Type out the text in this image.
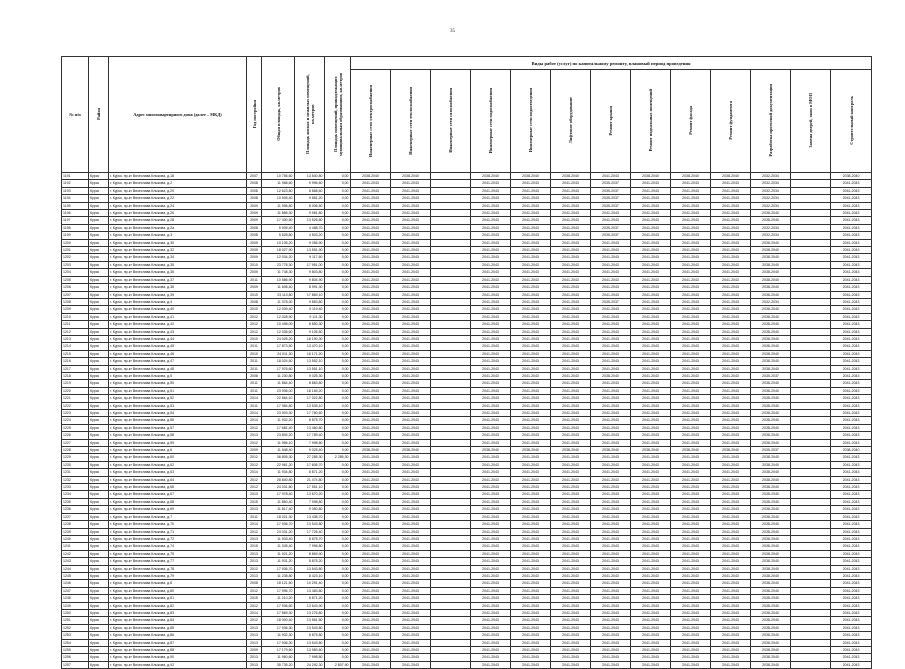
35
№ п/п	Район	Адрес многоквартирного дома (далее – МКД)	Год постройки	Общая площадь, кв.метров	Площадь жилых и нежилых помещений, кв.метров	Площадь помещений, принадлежащих муниципальным образованиям, кв.метров	Виды работ (услуг) по капитальному ремонту, плановый период проведения												
							Инженерные сети электроснабжения	Инженерные сети теплоснабжения	Инженерные сети газоснабжения	Инженерные сети водоснабжения	Инженерные сети водоотведения	Лифтовое оборудование	Ремонт крыши	Ремонт подвальных помещений	Ремонт фасада	Ремонт фундамента	Разработка проектной документации	Замена дверей, окон в МОП	Строительный контроль
1191	Курск	г. Курск, пр-кт Вячеслава Клыкова, д.18	2007	10 756,60	13 540,80	0,00	2038-2040	2038-2040		2038-2040	2038-2040	2038-2040	2041-2043	2038-2040	2038-2040	2038-2040	2032-2034		2038-2040
1192	Курск	г. Курск, пр-кт Вячеслава Клыкова, д.2	2008	11 968,60	9 996,60	0,00	2041-2043	2041-2043		2041-2043	2041-2043	2041-2043	2035-2037	2041-2043	2041-2043	2041-2043	2032-2034		2041-2043
1193	Курск	г. Курск, пр-кт Вячеслава Клыкова, д.20	2008	12 623,80	8 868,60	0,00	2041-2043	2041-2043		2041-2043	2041-2043	2041-2043	2035-2037	2041-2043	2041-2043	2041-2043	2032-2034		2041-2043
1194	Курск	г. Курск, пр-кт Вячеслава Клыкова, д.22	2008	10 505,40	9 861,20	0,00	2041-2043	2041-2043		2041-2043	2041-2043	2041-2043	2035-2037	2041-2043	2041-2043	2041-2043	2032-2034		2041-2043
1195	Курск	г. Курск, пр-кт Вячеслава Клыкова, д.24	2009	11 996,80	8 006,50	0,00	2041-2043	2041-2043		2041-2043	2041-2043	2041-2043	2035-2037	2041-2043	2041-2043	2041-2043	2032-2034		2041-2043
1196	Курск	г. Курск, пр-кт Вячеслава Клыкова, д.26	2009	11 856,30	9 961,80	0,00	2041-2043	2041-2043		2041-2043	2041-2043	2041-2043	2041-2043	2041-2043	2041-2043	2041-2043	2038-2040		2041-2043
1197	Курск	г. Курск, пр-кт Вячеслава Клыкова, д.28	2009	17 430,50	13 526,60	0,00	2041-2043	2041-2043		2041-2043	2041-2043	2041-2043	2041-2043	2041-2043	2041-2043	2041-2043	2038-2040		2041-2043
1198	Курск	г. Курск, пр-кт Вячеслава Клыкова, д.2а	2008	5 905,40	4 488,70	0,00	2041-2043	2041-2043		2041-2043	2041-2043	2041-2043	2035-2037	2041-2043	2041-2043	2041-2043	2032-2034		2041-2043
1199	Курск	г. Курск, пр-кт Вячеслава Клыкова, д.3	2008	5 628,80	4 503,20	0,00	2041-2043	2041-2043		2041-2043	2041-2043	2041-2043	2035-2037	2041-2043	2041-2043	2041-2043	2032-2034		2041-2043
1200	Курск	г. Курск, пр-кт Вячеслава Клыкова, д.30	2009	10 105,20	9 056,90	0,00	2041-2043	2041-2043		2041-2043	2041-2043	2041-2043	2041-2043	2041-2043	2041-2043	2041-2043	2038-2040		2041-2043
1201	Курск	г. Курск, пр-кт Вячеслава Клыкова, д.32	2009	18 027,90	13 551,90	0,00	2041-2043	2041-2043		2041-2043	2041-2043	2041-2043	2041-2043	2041-2043	2041-2043	2041-2043	2038-2040		2041-2043
1202	Курск	г. Курск, пр-кт Вячеслава Клыкова, д.34	2009	12 034,20	9 117,60	0,00	2041-2043	2041-2043		2041-2043	2041-2043	2041-2043	2041-2043	2041-2043	2041-2043	2041-2043	2038-2040		2041-2043
1203	Курск	г. Курск, пр-кт Вячеслава Клыкова, д.35	2010	23 778,30	17 951,00	0,00	2041-2043	2041-2043		2041-2043	2041-2043	2041-2043	2041-2043	2041-2043	2041-2043	2041-2043	2038-2040		2041-2043
1204	Курск	г. Курск, пр-кт Вячеслава Клыкова, д.36	2009	11 748,30	9 803,80	0,00	2041-2043	2041-2043		2041-2043	2041-2043	2041-2043	2041-2043	2041-2043	2041-2043	2041-2043	2038-2040		2041-2043
1205	Курск	г. Курск, пр-кт Вячеслава Клыкова, д.37	2011	10 586,90	9 804,90	0,00	2041-2043	2041-2043		2041-2043	2041-2043	2041-2043	2041-2043	2041-2043	2041-2043	2041-2043	2038-2040		2041-2043
1206	Курск	г. Курск, пр-кт Вячеслава Клыкова, д.38	2009	11 608,40	8 991,30	0,00	2041-2043	2041-2043		2041-2043	2041-2043	2041-2043	2041-2043	2041-2043	2041-2043	2041-2043	2038-2040		2041-2043
1207	Курск	г. Курск, пр-кт Вячеслава Клыкова, д.39	2010	23 113,80	17 869,10	0,00	2041-2043	2041-2043		2041-2043	2041-2043	2041-2043	2041-2043	2041-2043	2041-2043	2041-2043	2038-2040		2041-2043
1208	Курск	г. Курск, пр-кт Вячеслава Клыкова, д.4	2008	11 378,30	9 853,80	0,00	2041-2043	2041-2043		2041-2043	2041-2043	2041-2043	2035-2037	2041-2043	2041-2043	2041-2043	2032-2034		2041-2043
1209	Курск	г. Курск, пр-кт Вячеслава Клыкова, д.40	2010	12 039,40	9 119,40	0,00	2041-2043	2041-2043		2041-2043	2041-2043	2041-2043	2041-2043	2041-2043	2041-2043	2041-2043	2038-2040		2041-2043
1210	Курск	г. Курск, пр-кт Вячеслава Клыкова, д.41	2012	12 028,90	9 111,30	0,00	2041-2043	2041-2043		2041-2043	2041-2043	2041-2043	2041-2043	2041-2043	2041-2043	2041-2043	2038-2040		2041-2043
1211	Курск	г. Курск, пр-кт Вячеслава Клыкова, д.42	2012	10 498,00	8 850,30	0,00	2041-2043	2041-2043		2041-2043	2041-2043	2041-2043	2041-2043	2041-2043	2041-2043	2041-2043	2038-2040		2041-2043
1212	Курск	г. Курск, пр-кт Вячеслава Клыкова, д.43	2012	12 035,60	9 105,50	0,00	2041-2043	2041-2043		2041-2043	2041-2043	2041-2043	2041-2043	2041-2043	2041-2043	2041-2043	2038-2040		2041-2043
1213	Курск	г. Курск, пр-кт Вячеслава Клыкова, д.44	2010	24 025,20	18 190,30	0,00	2041-2043	2041-2043		2041-2043	2041-2043	2041-2043	2041-2043	2041-2043	2041-2043	2041-2043	2038-2040		2041-2043
1214	Курск	г. Курск, пр-кт Вячеслава Клыкова, д.45	2011	17 873,50	13 470,10	0,00	2041-2043	2041-2043		2041-2043	2041-2043	2041-2043	2041-2043	2041-2043	2041-2043	2041-2043	2038-2040		2041-2043
1215	Курск	г. Курск, пр-кт Вячеслава Клыкова, д.46	2010	24 011,30	18 171,20	0,00	2041-2043	2041-2043		2041-2043	2041-2043	2041-2043	2041-2043	2041-2043	2041-2043	2041-2043	2038-2040		2041-2043
1216	Курск	г. Курск, пр-кт Вячеслава Клыкова, д.47	2011	18 024,50	13 552,10	0,00	2041-2043	2041-2043		2041-2043	2041-2043	2041-2043	2041-2043	2041-2043	2041-2043	2041-2043	2038-2040		2041-2043
1217	Курск	г. Курск, пр-кт Вячеслава Клыкова, д.48	2011	17 976,60	13 551,10	0,00	2041-2043	2041-2043		2041-2043	2041-2043	2041-2043	2041-2043	2041-2043	2041-2043	2041-2043	2038-2040		2041-2043
1218	Курск	г. Курск, пр-кт Вячеслава Клыкова, д.5	2008	11 230,80	9 025,30	0,00	2041-2043	2041-2043		2041-2043	2041-2043	2041-2043	2038-2040	2041-2043	2041-2043	2041-2043	2035-2037		2041-2043
1219	Курск	г. Курск, пр-кт Вячеслава Клыкова, д.50	2011	11 864,40	8 863,80	0,00	2041-2043	2041-2043		2041-2043	2041-2043	2041-2043	2041-2043	2041-2043	2041-2043	2041-2043	2038-2040		2041-2043
1220	Курск	г. Курск, пр-кт Вячеслава Клыкова, д.51	2011	23 936,00	18 169,20	0,00	2041-2043	2041-2043		2041-2043	2041-2043	2041-2043	2041-2043	2041-2043	2041-2043	2041-2043	2038-2040		2041-2043
1221	Курск	г. Курск, пр-кт Вячеслава Клыкова, д.52	2014	22 864,10	17 022,80	0,00	2041-2043	2041-2043		2041-2043	2041-2043	2041-2043	2041-2043	2041-2043	2041-2043	2041-2043	2038-2040		2041-2043
1222	Курск	г. Курск, пр-кт Вячеслава Клыкова, д.53	2011	17 984,80	13 535,10	0,00	2041-2043	2041-2043		2041-2043	2041-2043	2041-2043	2041-2043	2041-2043	2041-2043	2041-2043	2038-2040		2041-2043
1223	Курск	г. Курск, пр-кт Вячеслава Клыкова, д.54	2014	23 903,30	17 760,60	0,00	2041-2043	2041-2043		2041-2043	2041-2043	2041-2043	2041-2043	2041-2043	2041-2043	2041-2043	2038-2040		2041-2043
1224	Курск	г. Курск, пр-кт Вячеслава Клыкова, д.56	2014	11 932,20	8 875,70	0,00	2041-2043	2041-2043		2041-2043	2041-2043	2041-2043	2041-2043	2041-2043	2041-2043	2041-2043	2038-2040		2041-2043
1225	Курск	г. Курск, пр-кт Вячеслава Клыкова, д.57	2012	17 681,40	13 460,80	0,00	2041-2043	2041-2043		2041-2043	2041-2043	2041-2043	2041-2043	2041-2043	2041-2043	2041-2043	2038-2040		2041-2043
1226	Курск	г. Курск, пр-кт Вячеслава Клыкова, д.58	2013	23 804,20	17 789,40	0,00	2041-2043	2041-2043		2041-2043	2041-2043	2041-2043	2041-2043	2041-2043	2041-2043	2041-2043	2038-2040		2041-2043
1227	Курск	г. Курск, пр-кт Вячеслава Клыкова, д.59	2012	11 956,10	7 998,80	0,00	2041-2043	2041-2043		2041-2043	2041-2043	2041-2043	2041-2043	2041-2043	2041-2043	2041-2043	2038-2040		2041-2043
1228	Курск	г. Курск, пр-кт Вячеслава Клыкова, д.6	2009	11 948,40	9 025,40	0,00	2038-2040	2038-2040		2038-2040	2038-2040	2038-2040	2038-2040	2038-2040	2038-2040	2038-2040	2035-2037		2038-2040
1229	Курск	г. Курск, пр-кт Вячеслава Клыкова, д.60	2012	36 805,30	27 285,30	2 285,30	2041-2043	2041-2043		2041-2043	2041-2043	2041-2043	2041-2043	2041-2043	2041-2043	2041-2043	2038-2040		2041-2043
1230	Курск	г. Курск, пр-кт Вячеслава Клыкова, д.62	2012	22 961,20	17 605,70	0,00	2041-2043	2041-2043		2041-2043	2041-2043	2041-2043	2041-2043	2041-2043	2041-2043	2041-2043	2038-2040		2041-2043
1231	Курск	г. Курск, пр-кт Вячеслава Клыкова, д.63	2014	11 934,80	8 871,20	0,00	2041-2043	2041-2043		2041-2043	2041-2043	2041-2043	2041-2043	2041-2043	2041-2043	2041-2043	2038-2040		2041-2043
1232	Курск	г. Курск, пр-кт Вячеслава Клыкова, д.64	2012	28 840,80	21 474,80	0,00	2041-2043	2041-2043		2041-2043	2041-2043	2041-2043	2041-2043	2041-2043	2041-2043	2041-2043	2038-2040		2041-2043
1233	Курск	г. Курск, пр-кт Вячеслава Клыкова, д.66	2012	24 031,80	17 551,10	0,00	2041-2043	2041-2043		2041-2043	2041-2043	2041-2043	2041-2043	2041-2043	2041-2043	2041-2043	2038-2040		2041-2043
1234	Курск	г. Курск, пр-кт Вячеслава Клыкова, д.67	2013	17 978,40	13 670,20	0,00	2041-2043	2041-2043		2041-2043	2041-2043	2041-2043	2041-2043	2041-2043	2041-2043	2041-2043	2038-2040		2041-2043
1235	Курск	г. Курск, пр-кт Вячеслава Клыкова, д.68	2015	11 860,40	7 998,80	0,00	2041-2043	2041-2043		2041-2043	2041-2043	2041-2043	2041-2043	2041-2043	2041-2043	2041-2043	2038-2040		2041-2043
1236	Курск	г. Курск, пр-кт Вячеслава Клыкова, д.69	2013	11 817,40	9 050,80	0,00	2041-2043	2041-2043		2041-2043	2041-2043	2041-2043	2041-2043	2041-2043	2041-2043	2041-2043	2038-2040		2041-2043
1237	Курск	г. Курск, пр-кт Вячеслава Клыкова, д.7	2011	18 021,30	13 438,70	0,00	2041-2043	2041-2043		2041-2043	2041-2043	2041-2043	2041-2043	2041-2043	2041-2043	2041-2043	2038-2040		2041-2043
1238	Курск	г. Курск, пр-кт Вячеслава Клыкова, д.70	2014	17 936,70	13 543,80	0,00	2041-2043	2041-2043		2041-2043	2041-2043	2041-2043	2041-2043	2041-2043	2041-2043	2041-2043	2038-2040		2041-2043
1239	Курск	г. Курск, пр-кт Вячеслава Клыкова, д.71	2012	24 031,20	17 726,40	0,00	2041-2043	2041-2043		2041-2043	2041-2043	2041-2043	2041-2043	2041-2043	2041-2043	2041-2043	2038-2040		2041-2043
1240	Курск	г. Курск, пр-кт Вячеслава Клыкова, д.72	2013	11 933,40	8 875,70	0,00	2041-2043	2041-2043		2041-2043	2041-2043	2041-2043	2041-2043	2041-2043	2041-2043	2041-2043	2038-2040		2041-2043
1241	Курск	г. Курск, пр-кт Вячеслава Клыкова, д.74	2015	11 345,40	7 996,80	0,00	2041-2043	2041-2043		2041-2043	2041-2043	2041-2043	2041-2043	2041-2043	2041-2043	2041-2043	2038-2040		2041-2043
1242	Курск	г. Курск, пр-кт Вячеслава Клыкова, д.75	2013	11 921,20	8 869,90	0,00	2041-2043	2041-2043		2041-2043	2041-2043	2041-2043	2041-2043	2041-2043	2041-2043	2041-2043	2038-2040		2041-2043
1243	Курск	г. Курск, пр-кт Вячеслава Клыкова, д.77	2013	11 931,20	8 875,20	0,00	2041-2043	2041-2043		2041-2043	2041-2043	2041-2043	2041-2043	2041-2043	2041-2043	2041-2043	2038-2040		2041-2043
1244	Курск	г. Курск, пр-кт Вячеслава Клыкова, д.78	2012	17 936,70	13 543,80	0,00	2041-2043	2041-2043		2041-2043	2041-2043	2041-2043	2041-2043	2041-2043	2041-2043	2041-2043	2038-2040		2041-2043
1245	Курск	г. Курск, пр-кт Вячеслава Клыкова, д.79	2013	11 238,80	8 423,10	0,00	2041-2043	2041-2043		2041-2043	2041-2043	2041-2043	2041-2043	2041-2043	2041-2043	2041-2043	2038-2040		2041-2043
1246	Курск	г. Курск, пр-кт Вячеслава Клыкова, д.8	2008	18 121,50	10 291,40	0,00	2041-2043	2041-2043		2041-2043	2041-2043	2041-2043	2041-2043	2041-2043	2041-2043	2041-2043	2038-2040		2041-2043
1247	Курск	г. Курск, пр-кт Вячеслава Клыкова, д.80	2012	17 996,70	13 463,80	0,00	2041-2043	2041-2043		2041-2043	2041-2043	2041-2043	2041-2043	2041-2043	2041-2043	2041-2043	2038-2040		2041-2043
1248	Курск	г. Курск, пр-кт Вячеслава Клыкова, д.81	2015	11 210,20	8 871,20	0,00	2041-2043	2041-2043		2041-2043	2041-2043	2041-2043	2041-2043	2041-2043	2041-2043	2041-2043	2038-2040		2041-2043
1249	Курск	г. Курск, пр-кт Вячеслава Клыкова, д.82	2012	17 936,60	13 543,90	0,00	2041-2043	2041-2043		2041-2043	2041-2043	2041-2043	2041-2043	2041-2043	2041-2043	2041-2043	2038-2040		2041-2043
1250	Курск	г. Курск, пр-кт Вячеслава Клыкова, д.83	2014	17 869,30	13 276,80	0,00	2041-2043	2041-2043		2041-2043	2041-2043	2041-2043	2041-2043	2041-2043	2041-2043	2041-2043	2038-2040		2041-2043
1251	Курск	г. Курск, пр-кт Вячеслава Клыкова, д.84	2012	18 000,40	13 561,50	0,00	2041-2043	2041-2043		2041-2043	2041-2043	2041-2043	2041-2043	2041-2043	2041-2043	2041-2043	2038-2040		2041-2043
1252	Курск	г. Курск, пр-кт Вячеслава Клыкова, д.85	2013	17 936,30	13 543,80	0,00	2041-2043	2041-2043		2041-2043	2041-2043	2041-2043	2041-2043	2041-2043	2041-2043	2041-2043	2038-2040		2041-2043
1253	Курск	г. Курск, пр-кт Вячеслава Клыкова, д.86	2013	11 932,30	8 875,80	0,00	2041-2043	2041-2043		2041-2043	2041-2043	2041-2043	2041-2043	2041-2043	2041-2043	2041-2043	2038-2040		2041-2043
1254	Курск	г. Курск, пр-кт Вячеслава Клыкова, д.87	2013	17 936,30	13 543,80	0,00	2041-2043	2041-2043		2041-2043	2041-2043	2041-2043	2041-2043	2041-2043	2041-2043	2041-2043	2038-2040		2041-2043
1255	Курск	г. Курск, пр-кт Вячеслава Клыкова, д.88	2009	17 179,60	13 983,60	0,00	2041-2043	2041-2043		2041-2043	2041-2043	2041-2043	2041-2043	2041-2043	2041-2043	2041-2043	2038-2040		2041-2043
1256	Курск	г. Курск, пр-кт Вячеслава Клыкова, д.90	2013	11 960,60	7 998,80	0,00	2041-2043	2041-2043		2041-2043	2041-2043	2041-2043	2041-2043	2041-2043	2041-2043	2041-2043	2038-2040		2041-2043
1257	Курск	г. Курск, пр-кт Вячеслава Клыкова, д.92	2013	35 735,20	24 292,30	2 807,90	2041-2043	2041-2043		2041-2043	2041-2043	2041-2043	2041-2043	2041-2043	2041-2043	2041-2043	2038-2040		2041-2043
